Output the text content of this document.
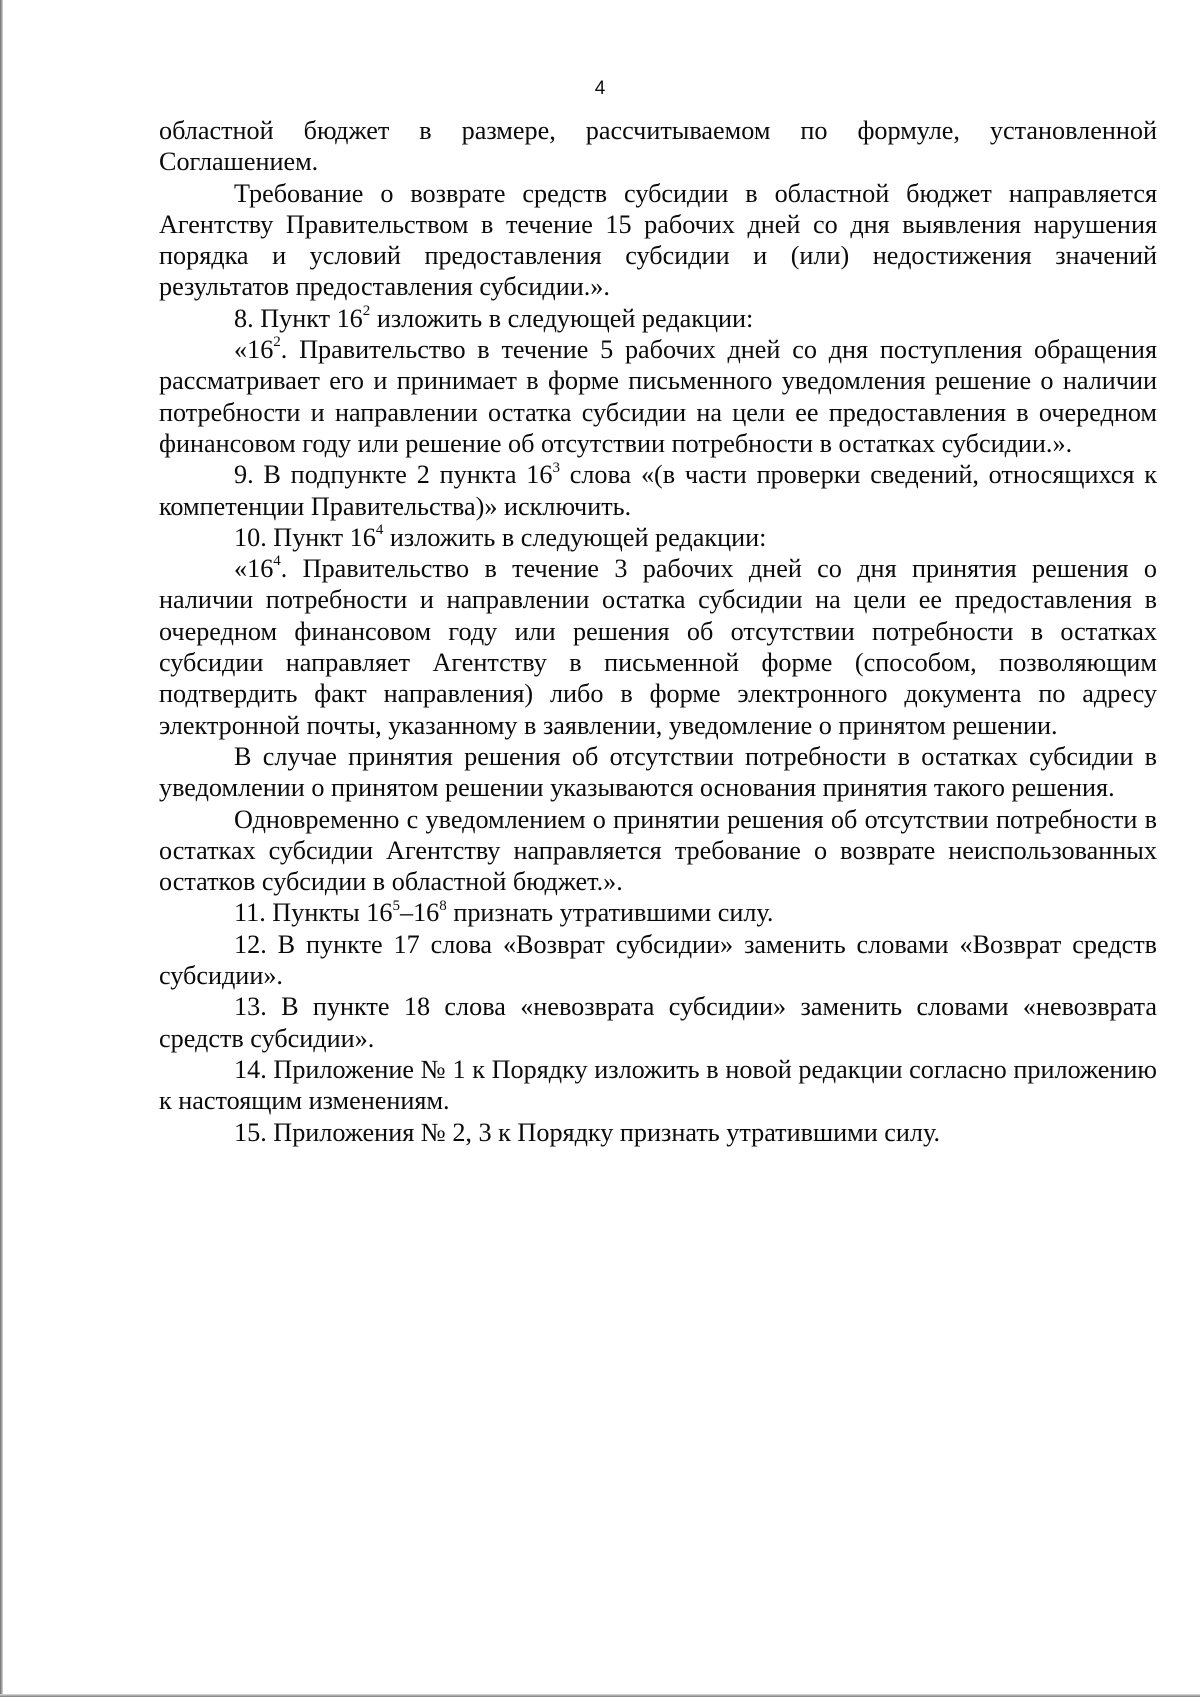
4

областной бюджет в размере, рассчитываемом по формуле, установленной Соглашением.

Требование о возврате средств субсидии в областной бюджет направляется Агентству Правительством в течение 15 рабочих дней со дня выявления нарушения порядка и условий предоставления субсидии и (или) недостижения значений результатов предоставления субсидии.».

8. Пункт $16^2$ изложить в следующей редакции:

«$16^2$. Правительство в течение 5 рабочих дней со дня поступления обращения рассматривает его и принимает в форме письменного уведомления решение о наличии потребности и направлении остатка субсидии на цели ее предоставления в очередном финансовом году или решение об отсутствии потребности в остатках субсидии.».

9. В подпункте 2 пункта $16^3$ слова «(в части проверки сведений, относящихся к компетенции Правительства)» исключить.

10. Пункт $16^4$ изложить в следующей редакции:

«$16^4$. Правительство в течение 3 рабочих дней со дня принятия решения о наличии потребности и направлении остатка субсидии на цели ее предоставления в очередном финансовом году или решения об отсутствии потребности в остатках субсидии направляет Агентству в письменной форме (способом, позволяющим подтвердить факт направления) либо в форме электронного документа по адресу электронной почты, указанному в заявлении, уведомление о принятом решении.

В случае принятия решения об отсутствии потребности в остатках субсидии в уведомлении о принятом решении указываются основания принятия такого решения.

Одновременно с уведомлением о принятии решения об отсутствии потребности в остатках субсидии Агентству направляется требование о возврате неиспользованных остатков субсидии в областной бюджет.».

11. Пункты $16^5-16^8$ признать утратившими силу.

12. В пункте 17 слова «Возврат субсидии» заменить словами «Возврат средств субсидии».

13. В пункте 18 слова «невозврата субсидии» заменить словами «невозврата средств субсидии».

14. Приложение № 1 к Порядку изложить в новой редакции согласно приложению к настоящим изменениям.

15. Приложения № 2, 3 к Порядку признать утратившими силу.
